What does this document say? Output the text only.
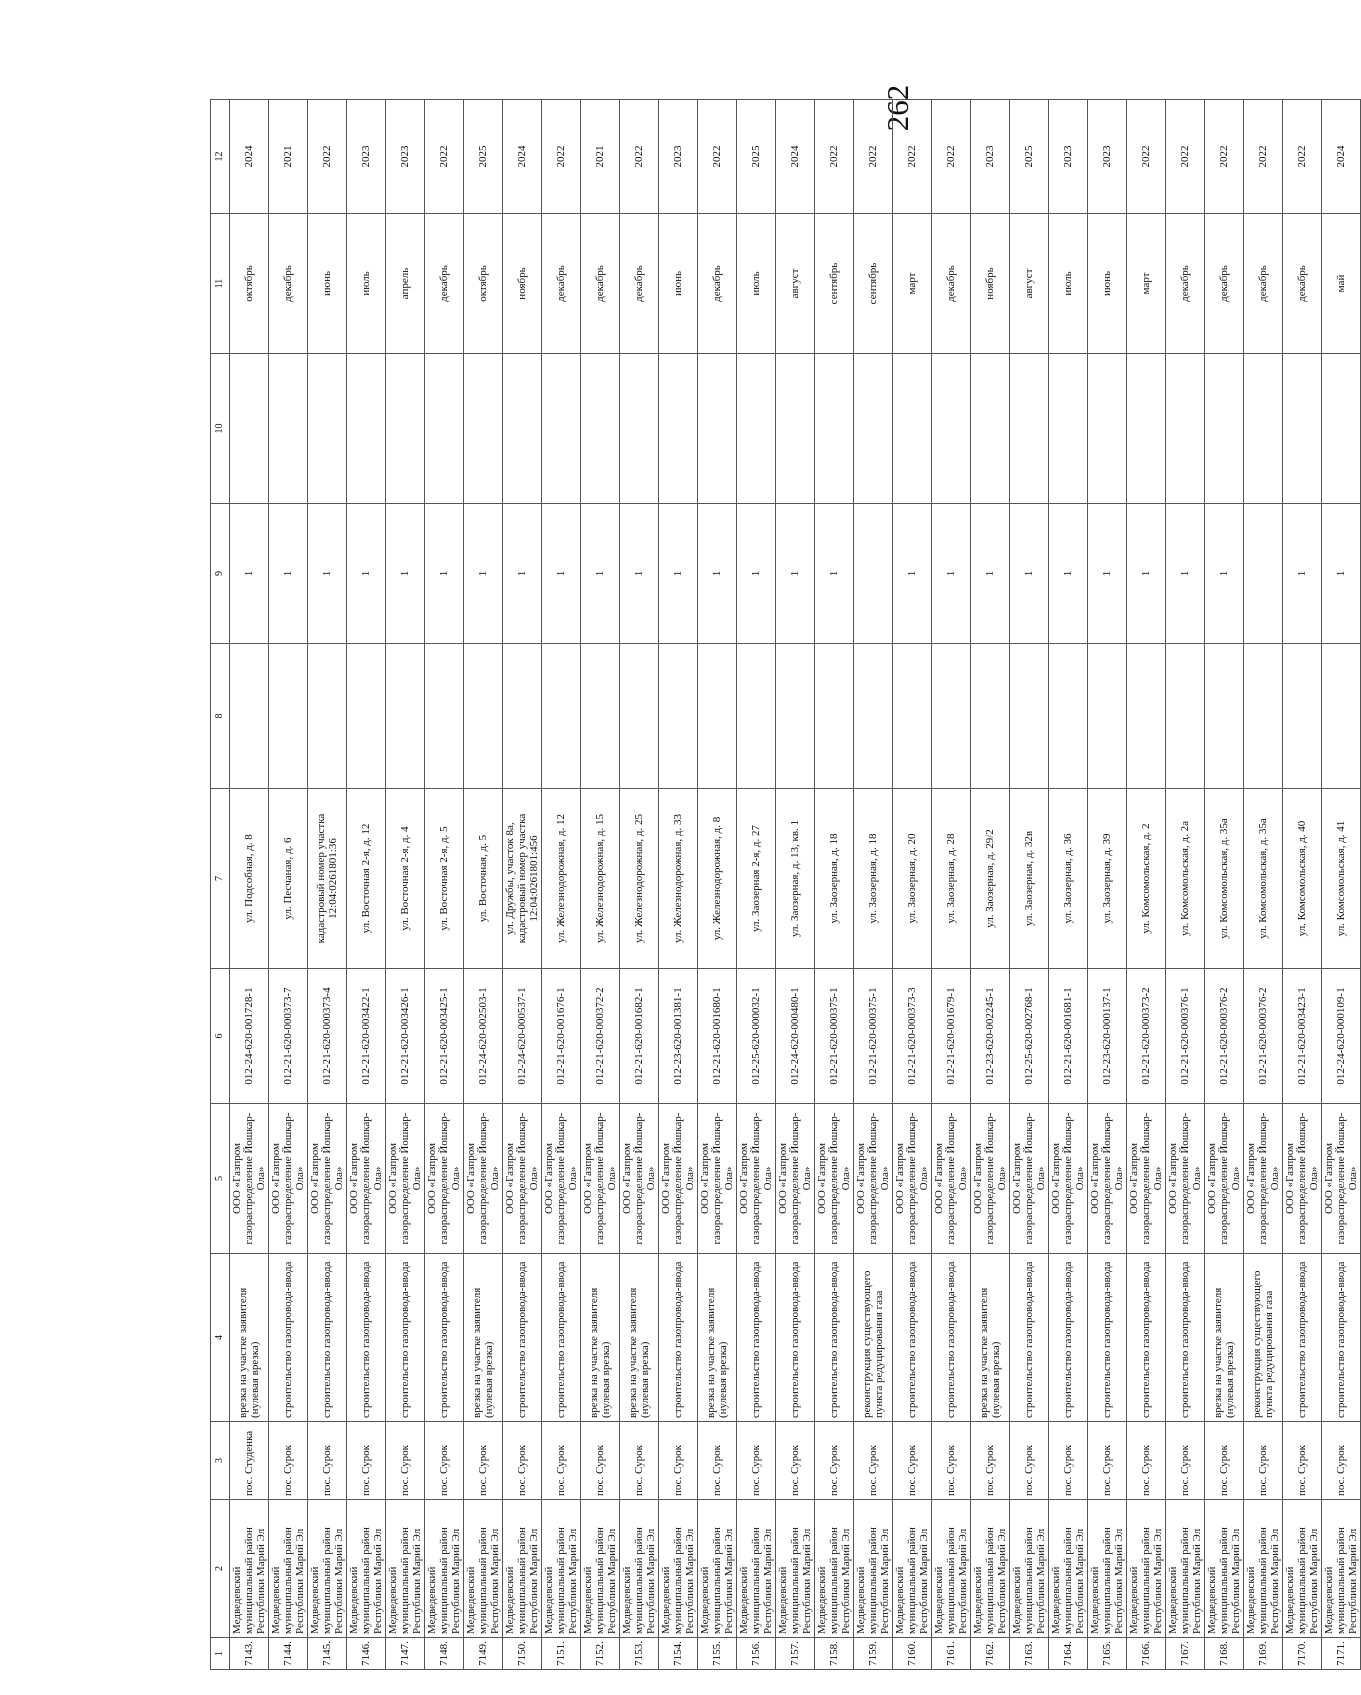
262
1	2	3	4	5	6	7	8	9	10	11	12
7143.	Медведевский муниципальный район Республики Марий Эл	пос. Студенка	врезка на участке заявителя (нулевая врезка)	ООО «Газпром газораспределение Йошкар-Ола»	012-24-620-001728-1	ул. Подсобная, д. 8		1		октябрь	2024
7144.	Медведевский муниципальный район Республики Марий Эл	пос. Сурок	строительство газопровода-ввода	ООО «Газпром газораспределение Йошкар-Ола»	012-21-620-000373-7	ул. Песчаная, д. 6		1		декабрь	2021
7145.	Медведевский муниципальный район Республики Марий Эл	пос. Сурок	строительство газопровода-ввода	ООО «Газпром газораспределение Йошкар-Ола»	012-21-620-000373-4	кадастровый номер участка 12:04:0261801:36		1		июнь	2022
7146.	Медведевский муниципальный район Республики Марий Эл	пос. Сурок	строительство газопровода-ввода	ООО «Газпром газораспределение Йошкар-Ола»	012-21-620-003422-1	ул. Восточная 2-я, д. 12		1		июль	2023
7147.	Медведевский муниципальный район Республики Марий Эл	пос. Сурок	строительство газопровода-ввода	ООО «Газпром газораспределение Йошкар-Ола»	012-21-620-003426-1	ул. Восточная 2-я, д. 4		1		апрель	2023
7148.	Медведевский муниципальный район Республики Марий Эл	пос. Сурок	строительство газопровода-ввода	ООО «Газпром газораспределение Йошкар-Ола»	012-21-620-003425-1	ул. Восточная 2-я, д. 5		1		декабрь	2022
7149.	Медведевский муниципальный район Республики Марий Эл	пос. Сурок	врезка на участке заявителя (нулевая врезка)	ООО «Газпром газораспределение Йошкар-Ола»	012-24-620-002503-1	ул. Восточная, д. 5		1		октябрь	2025
7150.	Медведевский муниципальный район Республики Марий Эл	пос. Сурок	строительство газопровода-ввода	ООО «Газпром газораспределение Йошкар-Ола»	012-24-620-000537-1	ул. Дружбы, участок 8а, кадастровый номер участка 12:04:0261801:456		1		ноябрь	2024
7151.	Медведевский муниципальный район Республики Марий Эл	пос. Сурок	строительство газопровода-ввода	ООО «Газпром газораспределение Йошкар-Ола»	012-21-620-001676-1	ул. Железнодорожная, д. 12		1		декабрь	2022
7152.	Медведевский муниципальный район Республики Марий Эл	пос. Сурок	врезка на участке заявителя (нулевая врезка)	ООО «Газпром газораспределение Йошкар-Ола»	012-21-620-000372-2	ул. Железнодорожная, д. 15		1		декабрь	2021
7153.	Медведевский муниципальный район Республики Марий Эл	пос. Сурок	врезка на участке заявителя (нулевая врезка)	ООО «Газпром газораспределение Йошкар-Ола»	012-21-620-001682-1	ул. Железнодорожная, д. 25		1		декабрь	2022
7154.	Медведевский муниципальный район Республики Марий Эл	пос. Сурок	строительство газопровода-ввода	ООО «Газпром газораспределение Йошкар-Ола»	012-23-620-001381-1	ул. Железнодорожная, д. 33		1		июнь	2023
7155.	Медведевский муниципальный район Республики Марий Эл	пос. Сурок	врезка на участке заявителя (нулевая врезка)	ООО «Газпром газораспределение Йошкар-Ола»	012-21-620-001680-1	ул. Железнодорожная, д. 8		1		декабрь	2022
7156.	Медведевский муниципальный район Республики Марий Эл	пос. Сурок	строительство газопровода-ввода	ООО «Газпром газораспределение Йошкар-Ола»	012-25-620-000032-1	ул. Заозерная 2-я, д. 27		1		июль	2025
7157.	Медведевский муниципальный район Республики Марий Эл	пос. Сурок	строительство газопровода-ввода	ООО «Газпром газораспределение Йошкар-Ола»	012-24-620-000480-1	ул. Заозерная, д. 13, кв. 1		1		август	2024
7158.	Медведевский муниципальный район Республики Марий Эл	пос. Сурок	строительство газопровода-ввода	ООО «Газпром газораспределение Йошкар-Ола»	012-21-620-000375-1	ул. Заозерная, д. 18		1		сентябрь	2022
7159.	Медведевский муниципальный район Республики Марий Эл	пос. Сурок	реконструкция существующего пункта редуцирования газа	ООО «Газпром газораспределение Йошкар-Ола»	012-21-620-000375-1	ул. Заозерная, д. 18				сентябрь	2022
7160.	Медведевский муниципальный район Республики Марий Эл	пос. Сурок	строительство газопровода-ввода	ООО «Газпром газораспределение Йошкар-Ола»	012-21-620-000373-3	ул. Заозерная, д. 20		1		март	2022
7161.	Медведевский муниципальный район Республики Марий Эл	пос. Сурок	строительство газопровода-ввода	ООО «Газпром газораспределение Йошкар-Ола»	012-21-620-001679-1	ул. Заозерная, д. 28		1		декабрь	2022
7162.	Медведевский муниципальный район Республики Марий Эл	пос. Сурок	врезка на участке заявителя (нулевая врезка)	ООО «Газпром газораспределение Йошкар-Ола»	012-23-620-002245-1	ул. Заозерная, д. 29/2		1		ноябрь	2023
7163.	Медведевский муниципальный район Республики Марий Эл	пос. Сурок	строительство газопровода-ввода	ООО «Газпром газораспределение Йошкар-Ола»	012-25-620-002768-1	ул. Заозерная, д. 32в		1		август	2025
7164.	Медведевский муниципальный район Республики Марий Эл	пос. Сурок	строительство газопровода-ввода	ООО «Газпром газораспределение Йошкар-Ола»	012-21-620-001681-1	ул. Заозерная, д. 36		1		июль	2023
7165.	Медведевский муниципальный район Республики Марий Эл	пос. Сурок	строительство газопровода-ввода	ООО «Газпром газораспределение Йошкар-Ола»	012-23-620-000137-1	ул. Заозерная, д. 39		1		июнь	2023
7166.	Медведевский муниципальный район Республики Марий Эл	пос. Сурок	строительство газопровода-ввода	ООО «Газпром газораспределение Йошкар-Ола»	012-21-620-000373-2	ул. Комсомольская, д. 2		1		март	2022
7167.	Медведевский муниципальный район Республики Марий Эл	пос. Сурок	строительство газопровода-ввода	ООО «Газпром газораспределение Йошкар-Ола»	012-21-620-000376-1	ул. Комсомольская, д. 2а		1		декабрь	2022
7168.	Медведевский муниципальный район Республики Марий Эл	пос. Сурок	врезка на участке заявителя (нулевая врезка)	ООО «Газпром газораспределение Йошкар-Ола»	012-21-620-000376-2	ул. Комсомольская, д. 35а		1		декабрь	2022
7169.	Медведевский муниципальный район Республики Марий Эл	пос. Сурок	реконструкция существующего пункта редуцирования газа	ООО «Газпром газораспределение Йошкар-Ола»	012-21-620-000376-2	ул. Комсомольская, д. 35а				декабрь	2022
7170.	Медведевский муниципальный район Республики Марий Эл	пос. Сурок	строительство газопровода-ввода	ООО «Газпром газораспределение Йошкар-Ола»	012-21-620-003423-1	ул. Комсомольская, д. 40		1		декабрь	2022
7171.	Медведевский муниципальный район Республики Марий Эл	пос. Сурок	строительство газопровода-ввода	ООО «Газпром газораспределение Йошкар-Ола»	012-24-620-000109-1	ул. Комсомольская, д. 41		1		май	2024
